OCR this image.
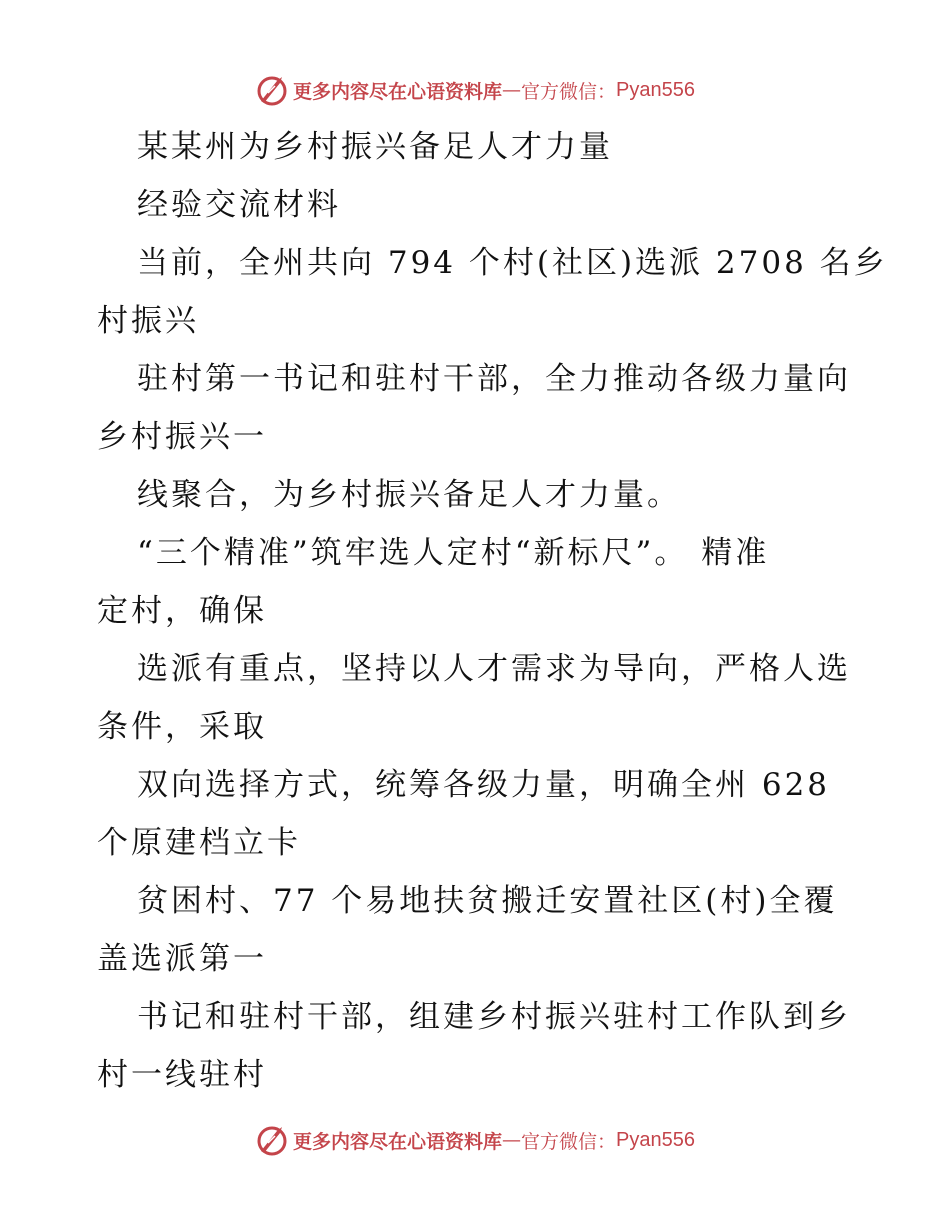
更多内容尽在心语资料库 — 官方微信： Pyan556
某某州为乡村振兴备足人才力量
经验交流材料
当前，全州共向 794 个村(社区)选派 2708 名乡
村振兴
驻村第一书记和驻村干部，全力推动各级力量向
乡村振兴一
线聚合，为乡村振兴备足人才力量。
“三个精准”筑牢选人定村“新标尺”。 精准
定村，确保
选派有重点，坚持以人才需求为导向，严格人选
条件，采取
双向选择方式，统筹各级力量，明确全州 628
个原建档立卡
贫困村、77 个易地扶贫搬迁安置社区(村)全覆
盖选派第一
书记和驻村干部，组建乡村振兴驻村工作队到乡
村一线驻村
更多内容尽在心语资料库 — 官方微信： Pyan556
